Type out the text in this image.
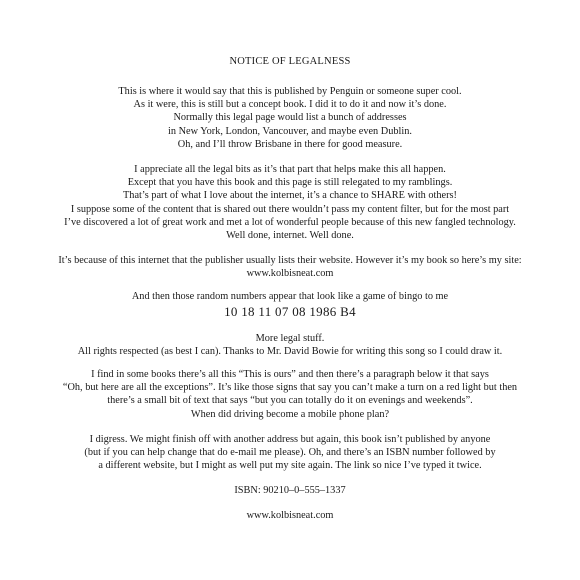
NOTICE OF LEGALNESS
This is where it would say that this is published by Penguin or someone super cool.
As it were, this is still but a concept book. I did it to do it and now it’s done.
Normally this legal page would list a bunch of addresses
in New York, London, Vancouver, and maybe even Dublin.
Oh, and I’ll throw Brisbane in there for good measure.
I appreciate all the legal bits as it’s that part that helps make this all happen.
Except that you have this book and this page is still relegated to my ramblings.
That’s part of what I love about the internet, it’s a chance to SHARE with others!
I suppose some of the content that is shared out there wouldn’t pass my content filter, but for the most part
I’ve discovered a lot of great work and met a lot of wonderful people because of this new fangled technology.
Well done, internet. Well done.
It’s because of this internet that the publisher usually lists their website. However it’s my book so here’s my site:
www.kolbisneat.com
And then those random numbers appear that look like a game of bingo to me
10 18 11 07 08 1986 B4
More legal stuff.
All rights respected (as best I can). Thanks to Mr. David Bowie for writing this song so I could draw it.
I find in some books there’s all this “This is ours” and then there’s a paragraph below it that says
“Oh, but here are all the exceptions”. It’s like those signs that say you can’t make a turn on a red light but then
there’s a small bit of text that says “but you can totally do it on evenings and weekends”.
When did driving become a mobile phone plan?
I digress. We might finish off with another address but again, this book isn’t published by anyone
(but if you can help change that do e-mail me please). Oh, and there’s an ISBN number followed by
a different website, but I might as well put my site again. The link so nice I’ve typed it twice.
ISBN: 90210–0–555–1337
www.kolbisneat.com
